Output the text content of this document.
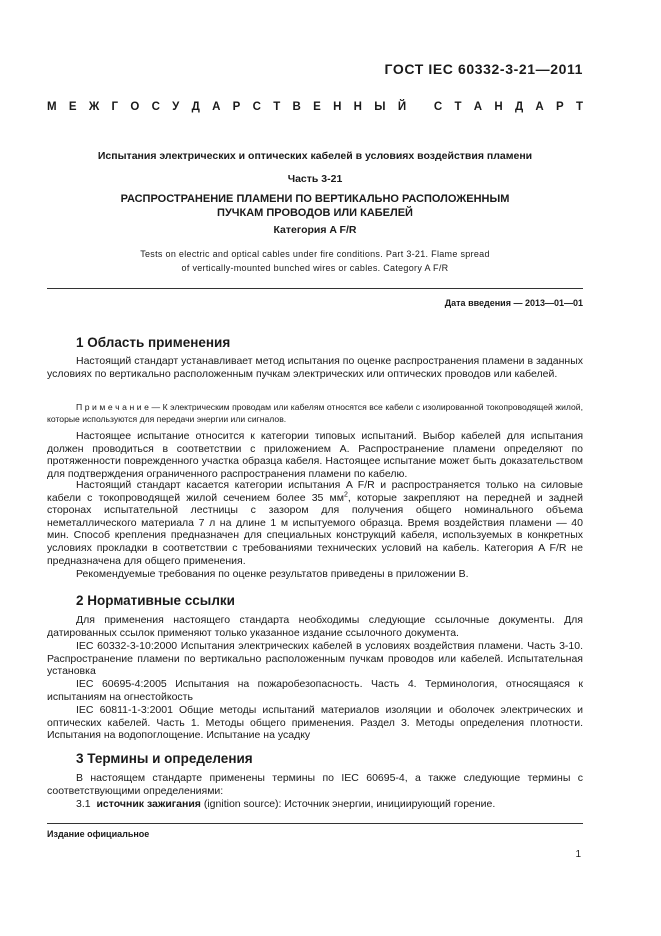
ГОСТ IEC 60332-3-21—2011
М Е Ж Г О С У Д А Р С Т В Е Н Н Ы Й
С Т А Н Д А Р Т
Испытания электрических и оптических кабелей в условиях воздействия пламени
Часть 3-21
РАСПРОСТРАНЕНИЕ ПЛАМЕНИ ПО ВЕРТИКАЛЬНО РАСПОЛОЖЕННЫМ
ПУЧКАМ ПРОВОДОВ ИЛИ КАБЕЛЕЙ
Категория A F/R
Tests on electric and optical cables under fire conditions. Part 3-21. Flame spread
of vertically-mounted bunched wires or cables. Category A F/R
Дата введения — 2013—01—01
1 Область применения
Настоящий стандарт устанавливает метод испытания по оценке распространения пламени в заданных условиях по вертикально расположенным пучкам электрических или оптических проводов или кабелей.
П р и м е ч а н и е — К электрическим проводам или кабелям относятся все кабели с изолированной токопроводящей жилой, которые используются для передачи энергии или сигналов.
Настоящее испытание относится к категории типовых испытаний. Выбор кабелей для испытания должен проводиться в соответствии с приложением А. Распространение пламени определяют по протяженности поврежденного участка образца кабеля. Настоящее испытание может быть доказательством для подтверждения ограниченного распространения пламени по кабелю.
Настоящий стандарт касается категории испытания A F/R и распространяется только на силовые кабели с токопроводящей жилой сечением более 35 $мм^2$, которые закрепляют на передней и задней сторонах испытательной лестницы с зазором для получения общего номинального объема неметаллического материала 7 л на длине 1 м испытуемого образца. Время воздействия пламени — 40 мин. Способ крепления предназначен для специальных конструкций кабеля, используемых в конкретных условиях прокладки в соответствии с требованиями технических условий на кабель. Категория A F/R не предназначена для общего применения.
Рекомендуемые требования по оценке результатов приведены в приложении B.
2 Нормативные ссылки
Для применения настоящего стандарта необходимы следующие ссылочные документы. Для датированных ссылок применяют только указанное издание ссылочного документа.
IEC 60332-3-10:2000 Испытания электрических кабелей в условиях воздействия пламени. Часть 3-10. Распространение пламени по вертикально расположенным пучкам проводов или кабелей. Испытательная установка
IEC 60695-4:2005 Испытания на пожаробезопасность. Часть 4. Терминология, относящаяся к испытаниям на огнестойкость
IEC 60811-1-3:2001 Общие методы испытаний материалов изоляции и оболочек электрических и оптических кабелей. Часть 1. Методы общего применения. Раздел 3. Методы определения плотности. Испытания на водопоглощение. Испытание на усадку
3 Термины и определения
В настоящем стандарте применены термины по IEC 60695-4, а также следующие термины с соответствующими определениями:
3.1 источник зажигания (ignition source): Источник энергии, инициирующий горение.
Издание официальное
1
